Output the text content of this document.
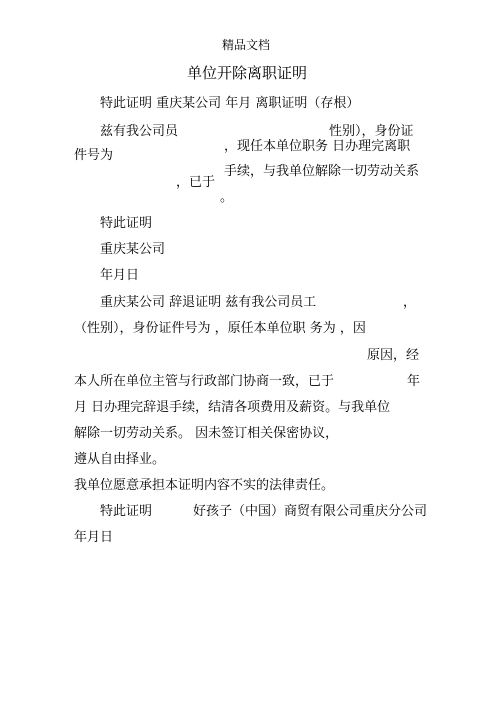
精品文档
单位开除离职证明
特此证明 重庆某公司 年月 离职证明（存根）
兹有我公司员	性别），身份证
件号为
，现任本单位职务 日办理完离职
手续，与我单位解除一切劳动关系
，已于
。
特此证明
重庆某公司
年月日
重庆某公司 辞退证明 兹有我公司员工	，
（性别），身份证件号为 ，原任本单位职 务为 ，因
原因，经
本人所在单位主管与行政部门协商一致，已于	年
月 日办理完辞退手续，结清各项费用及薪资。与我单位
解除一切劳动关系。 因未签订相关保密协议，
遵从自由择业。
我单位愿意承担本证明内容不实的法律责任。
特此证明	好孩子（中国）商贸有限公司重庆分公司
年月日
